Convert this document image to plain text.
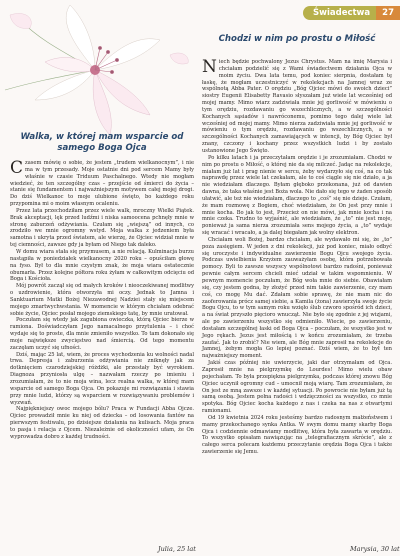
Świadectwa	27
Walka, w której mam wsparcie od samego Boga Ojca

Czasem mówię o sobie, że jestem „trudem wielkanocnym”, i nie ma w tym przesady. Moje ostatnie dni pod sercem Mamy były właśnie w czasie Triduum Paschalnego. Wtedy nie mogłam wiedzieć, że ten szczególny czas – przejście od śmierci do życia – stanie się fundamentem i najważniejszym motywem całej mojej drogi. Do dziś Wielkanoc to moje ulubione święto, bo każdego roku przypomina mi o moim własnym ocaleniu.

Przez lata przechodziłam przez wiele walk, mroczny Wielki Piątek. Brak akceptacji, lęk przed ludźmi i niska samoocena pchnęły mnie w stronę zaburzeń odżywiania. Czułam się „wiejszą” od innych, co zrodziło we mnie ogromny wstyd. Moja walka z jedzeniem była samotna i ukryta przed światem, ale wierzę, że Ojciec widział mnie w tej ciemności, zawsze gdy ja byłam od Niego tak daleko.

W domu wiara stała się przymusem, a nie relacją. Kulminacja burzu nastąpiła w poniedziałek wielkanocny 2020 roku – opuściłam głowę na fyso. Był to dla mnie czystym znak, że moja wiara ostatecznie obumarła. Przez kolejne półtora roku żyłam w całkowitym odcięciu od Boga i Kościoła.

Mój powrót zaczął się od małych kroków i nieoczekiwanej modlitwy o uzdrowienie, która otworzyła mi oczy. Jednak to Jamna i Sanktuarium Matki Bożej Niezawodnej Nadziei stały się miejscem mojego zmartwychwstania. W momencie w którym chciałam odebrać sobie życie, Ojciec posłał mojego ziemskiego tatę, by mnie uratował.

Poczułam się wtedy jak zagubiona owieczka, którą Ojciec bierze w ramiona. Doświadczyłam Jego namacalnego przytulenia – i choć wydaje się to proste, dla mnie zmieniło wszystko. To tam dokonało się moje największe zwycięstwo nad śmiercią. Od tego momentu zaczęłam uczyć się ufności.

Dziś, mając 25 lat, wiem, że proces wychodzenia ku wolności nadal trwa. Depresja i zaburzenia odżywiania nie zniknęły jak za dotknięciem czarodziejskiej różdżki, ale przestały być wyrokiem. Diagnoza przyniosła ulgę – nazwałam rzeczy po imieniu i zrozumiałam, że to nie moja wina, lecz realna walka, w której mam wsparcie od samego Boga Ojca. On pokazuje mi rozwiązania i stawia przy mnie ludzi, którzy są wsparciem w rozwiązywaniu problemów i wyzwań.

Najpiękniejszy owoc mojego bólu? Praca w Fundacji Abba Ojcze. Ojciec prowadził mnie ku niej od dziecka – od losowania fantów na pierwszym festiwalu, po dzisiejsze działania na kulisach. Moja praca to pasja i relacja z Ojcem. Niezależnie od okoliczności ufam, że On wyprowadza dobro z każdej trudności.

Chodzi w nim po prostu o Miłość

Niech będzie pochwalony Jezus Chrystus. Mam na imię Marysia i chciałam podzielić się z Wami świadectwem działania Ojca w moim życiu. Dwa lata temu, pod koniec sierpnia, dostałam tę łaskę, że mogłam uczestniczyć w rekolekcjach na Jamnej wraz ze wspólnotą Abba Pater. O orędziu „Bóg Ojciec mówi do swoich dzieci” siostry Eugenii Elisabetty Ravasio słyszałam już wiele lat wcześniej od mojej mamy. Mimo wiarz zadziwiała mnie jej gorliwość w mówieniu o tym orędziu, rozdawaniu go wszechlicznych, a w szczególności Kochanych sąsiadów i nawróconemu, pomimo tego dalej wiele lat wcześniej od mojej mamy. Mimo nierza zadziwiała mnie jej gorliwość w mówieniu o tym orędziu, rozdawaniu go wszechlicznych, a w szczególności Kochanych zamawiających w intencji, by Bóg Ojciec był znany, czczony i kochany przez wszystkich ludzi i by zostało ustanowione Jego Święto.

Po kilku latach i ja przeczytałam orędzie i je zrozumiałam. Chodzi w nim po prostu o Miłość, o której nie da się milczeć. Jadąc na rekolekcje, miałam już lat i prag nienie w sercu, żeby wydarzyło się coś, na co tak naprawdę przez wiele lat czekałam, ale to coś ciągle się nie działo, a ja nie wiedziałam dlaczego. Byłam głęboko przekonana, już od dawien dawna, że taka właśnie jest Boża wola. Nie dało się tego w żaden sposób ułatwić, ale też nie wiedziałam, dlaczego to „coś” się nie dzieje. Czułam, że mam rozmowę z Bogiem, choć wiedziałam, że On jest przy mnie i mnie kocha. Bo jak to jest, Przecież on nie mówi, jak mnie kocha i na mnie czeka. Trudno to wyjaśnić, ale wiedziałam, że „to” nie jest moje, ponieważ ja sama nierza zrozumiała sens mojego życia, a „to” wydaje się wracać i wracało, a ja dalej biegałam jak wolny elektron.

Chciałam woli Bożej, bardzo chciałam, ale wydawało mi się, że „to” poza zasięgiem. W jeden z dni rekolekcji, już pod koniec, miało odbyć się uroczyste i indywidualne zawierzenie Bogu Ojcu swojego życia. Podczas uwielbienia Krzyżem zauważyłam osobę, która potrzebowała pomocy. Byli to zawsze wszyscy wspólnotowi bardzo radośni, ponieważ pewnie całym sercem chcieli mieć udział w takim wspomnieniu. W pewnym momencie poczułam, że Bóg woła mnie do siebie. Obawiałam się, czy jestem godna, by złożyć przed nim takie zawierzenie, czy mam coś, co mogę Mu dać. Zdałam sobie sprawę, że nie mam nic do zaoferowania prócz samej siebie, a Kamila (żona) zawierzyła swoje życie Bogu Ojcu, to w tym samym roku wzięło ślub czworo spośród ich dzieci, a na świat przyszło pięcioro wnucząt. Nie było się zgodnie z jej wizjami, ale po zawierzeniu wszystko się odmieniło. Wiecie, po zawierzeniu, dostałam szczególnej łaski od Boga Ojca – poczułam, że wszystko jest w Jego rękach. Jezus jest miłością i w końcu zrozumiałam, że trzeba zaufać. Jak to zrobić? Nie wiem, ale Bóg mnie zaprosił na rekolekcje do Jamnej, żebym mogła Go lepiej poznać. Dziś wiem, że to był ten najważniejszy moment.

Jakiś czas później nie uwierzycie, jaki dar otrzymałam od Ojca. Zaprosił mnie na pielgrzymkę do Lourdes! Mimo wielu obaw pojechałam. To była przepiękna pielgrzymka, podczas której znowu Bóg Ojciec uczynił ogromny cud – umocnił moją wiarę. Tam zrozumiałam, że On jest ze mną zawsze i w każdej sytuacji. Po powrocie nie byłam już tą samą osobą. Jestem pełna radości i wdzięczności za wszystko, co mnie spotyka. Bóg Ojciec kocha każdego z nas i czeka na nas z otwartymi ramionami.

Od 19 kwietnia 2024 roku jesteśmy bardzo radosnym małżeństwem i mamy przekochanego synka Antka. W swym domu mamy skarby Boga Ojca i codziennie odmawiamy modlitwę, która była zawarta w orędziu. To wszystko opisałam nawiązując na „telegrafiacznym skrócie”, ale z całego serca polecam każdemu przeczytanie orędzia Boga Ojca i także zawierzenie się Jemu.

Julia, 25 lat	Marysia, 30 lat
